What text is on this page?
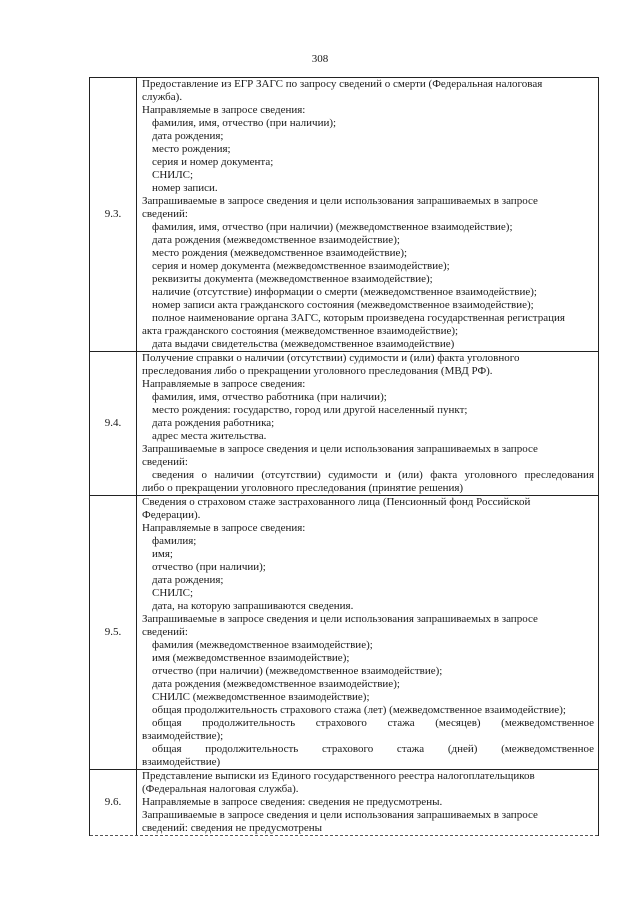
308
9.3.
Предоставление из ЕГР ЗАГС по запросу сведений о смерти (Федеральная налоговая
служба).
Направляемые в запросе сведения:
фамилия, имя, отчество (при наличии);
дата рождения;
место рождения;
серия и номер документа;
СНИЛС;
номер записи.
Запрашиваемые в запросе сведения и цели использования запрашиваемых в запросе
сведений:
фамилия, имя, отчество (при наличии) (межведомственное взаимодействие);
дата рождения (межведомственное взаимодействие);
место рождения (межведомственное взаимодействие);
серия и номер документа (межведомственное взаимодействие);
реквизиты документа (межведомственное взаимодействие);
наличие (отсутствие) информации о смерти (межведомственное взаимодействие);
номер записи акта гражданского состояния (межведомственное взаимодействие);
полное наименование органа ЗАГС, которым произведена государственная регистрация
акта гражданского состояния (межведомственное взаимодействие);
дата выдачи свидетельства (межведомственное взаимодействие)
9.4.
Получение справки о наличии (отсутствии) судимости и (или) факта уголовного
преследования либо о прекращении уголовного преследования (МВД РФ).
Направляемые в запросе сведения:
фамилия, имя, отчество работника (при наличии);
место рождения: государство, город или другой населенный пункт;
дата рождения работника;
адрес места жительства.
Запрашиваемые в запросе сведения и цели использования запрашиваемых в запросе
сведений:
сведения о наличии (отсутствии) судимости и (или) факта уголовного преследования
либо о прекращении уголовного преследования (принятие решения)
9.5.
Сведения о страховом стаже застрахованного лица (Пенсионный фонд Российской
Федерации).
Направляемые в запросе сведения:
фамилия;
имя;
отчество (при наличии);
дата рождения;
СНИЛС;
дата, на которую запрашиваются сведения.
Запрашиваемые в запросе сведения и цели использования запрашиваемых в запросе
сведений:
фамилия (межведомственное взаимодействие);
имя (межведомственное взаимодействие);
отчество (при наличии) (межведомственное взаимодействие);
дата рождения (межведомственное взаимодействие);
СНИЛС (межведомственное взаимодействие);
общая продолжительность страхового стажа (лет) (межведомственное взаимодействие);
общая продолжительность страхового стажа (месяцев) (межведомственное
взаимодействие);
общая продолжительность страхового стажа (дней) (межведомственное
взаимодействие)
9.6.
Представление выписки из Единого государственного реестра налогоплательщиков
(Федеральная налоговая служба).
Направляемые в запросе сведения: сведения не предусмотрены.
Запрашиваемые в запросе сведения и цели использования запрашиваемых в запросе
сведений: сведения не предусмотрены
